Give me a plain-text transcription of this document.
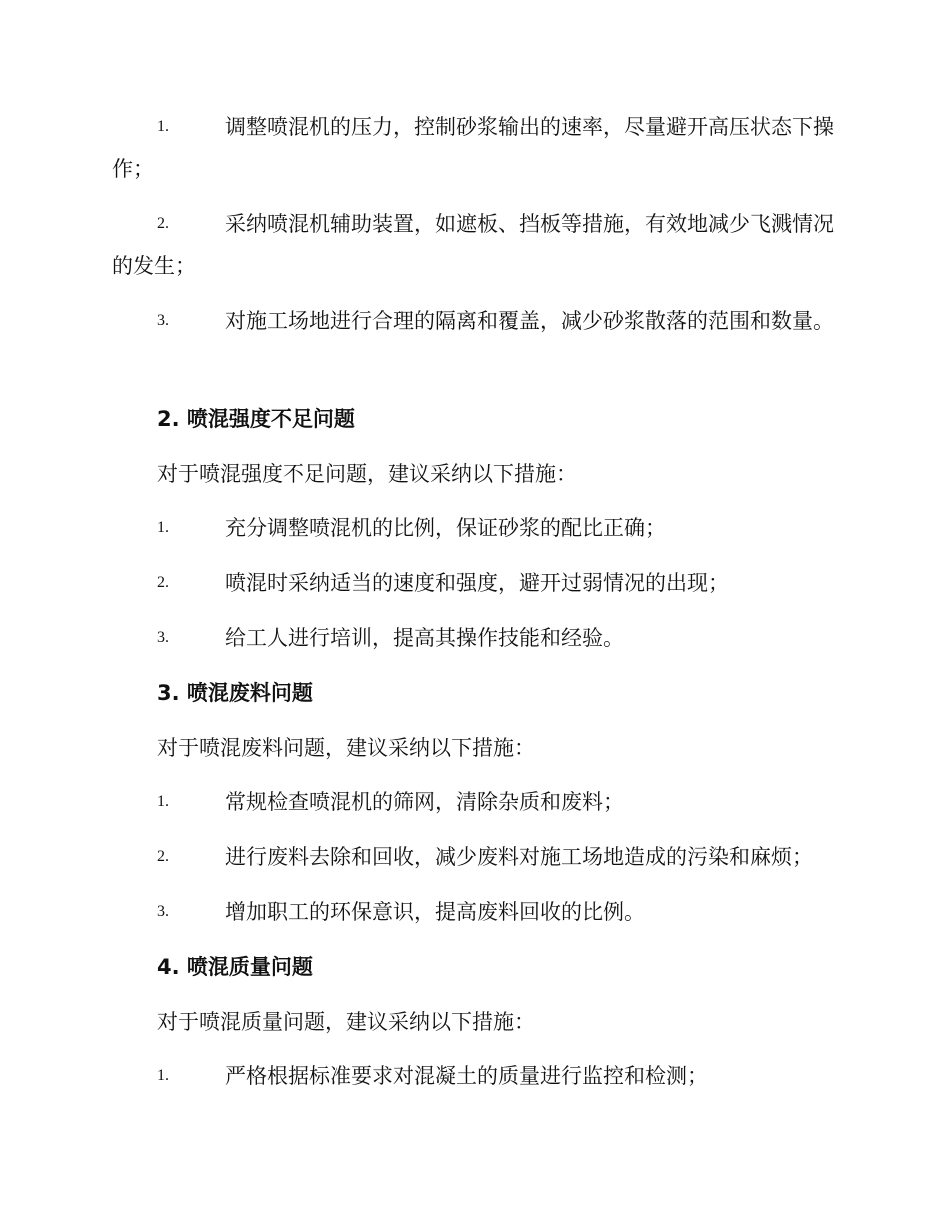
1.	调整喷混机的压力，控制砂浆输出的速率，尽量避开高压状态下操作；
2.	采纳喷混机辅助装置，如遮板、挡板等措施，有效地减少飞溅情况的发生；
3.	对施工场地进行合理的隔离和覆盖，减少砂浆散落的范围和数量。
2. 喷混强度不足问题
对于喷混强度不足问题，建议采纳以下措施：
1.	充分调整喷混机的比例，保证砂浆的配比正确；
2.	喷混时采纳适当的速度和强度，避开过弱情况的出现；
3.	给工人进行培训，提高其操作技能和经验。
3. 喷混废料问题
对于喷混废料问题，建议采纳以下措施：
1.	常规检查喷混机的筛网，清除杂质和废料；
2.	进行废料去除和回收，减少废料对施工场地造成的污染和麻烦；
3.	增加职工的环保意识，提高废料回收的比例。
4. 喷混质量问题
对于喷混质量问题，建议采纳以下措施：
1.	严格根据标准要求对混凝土的质量进行监控和检测；
